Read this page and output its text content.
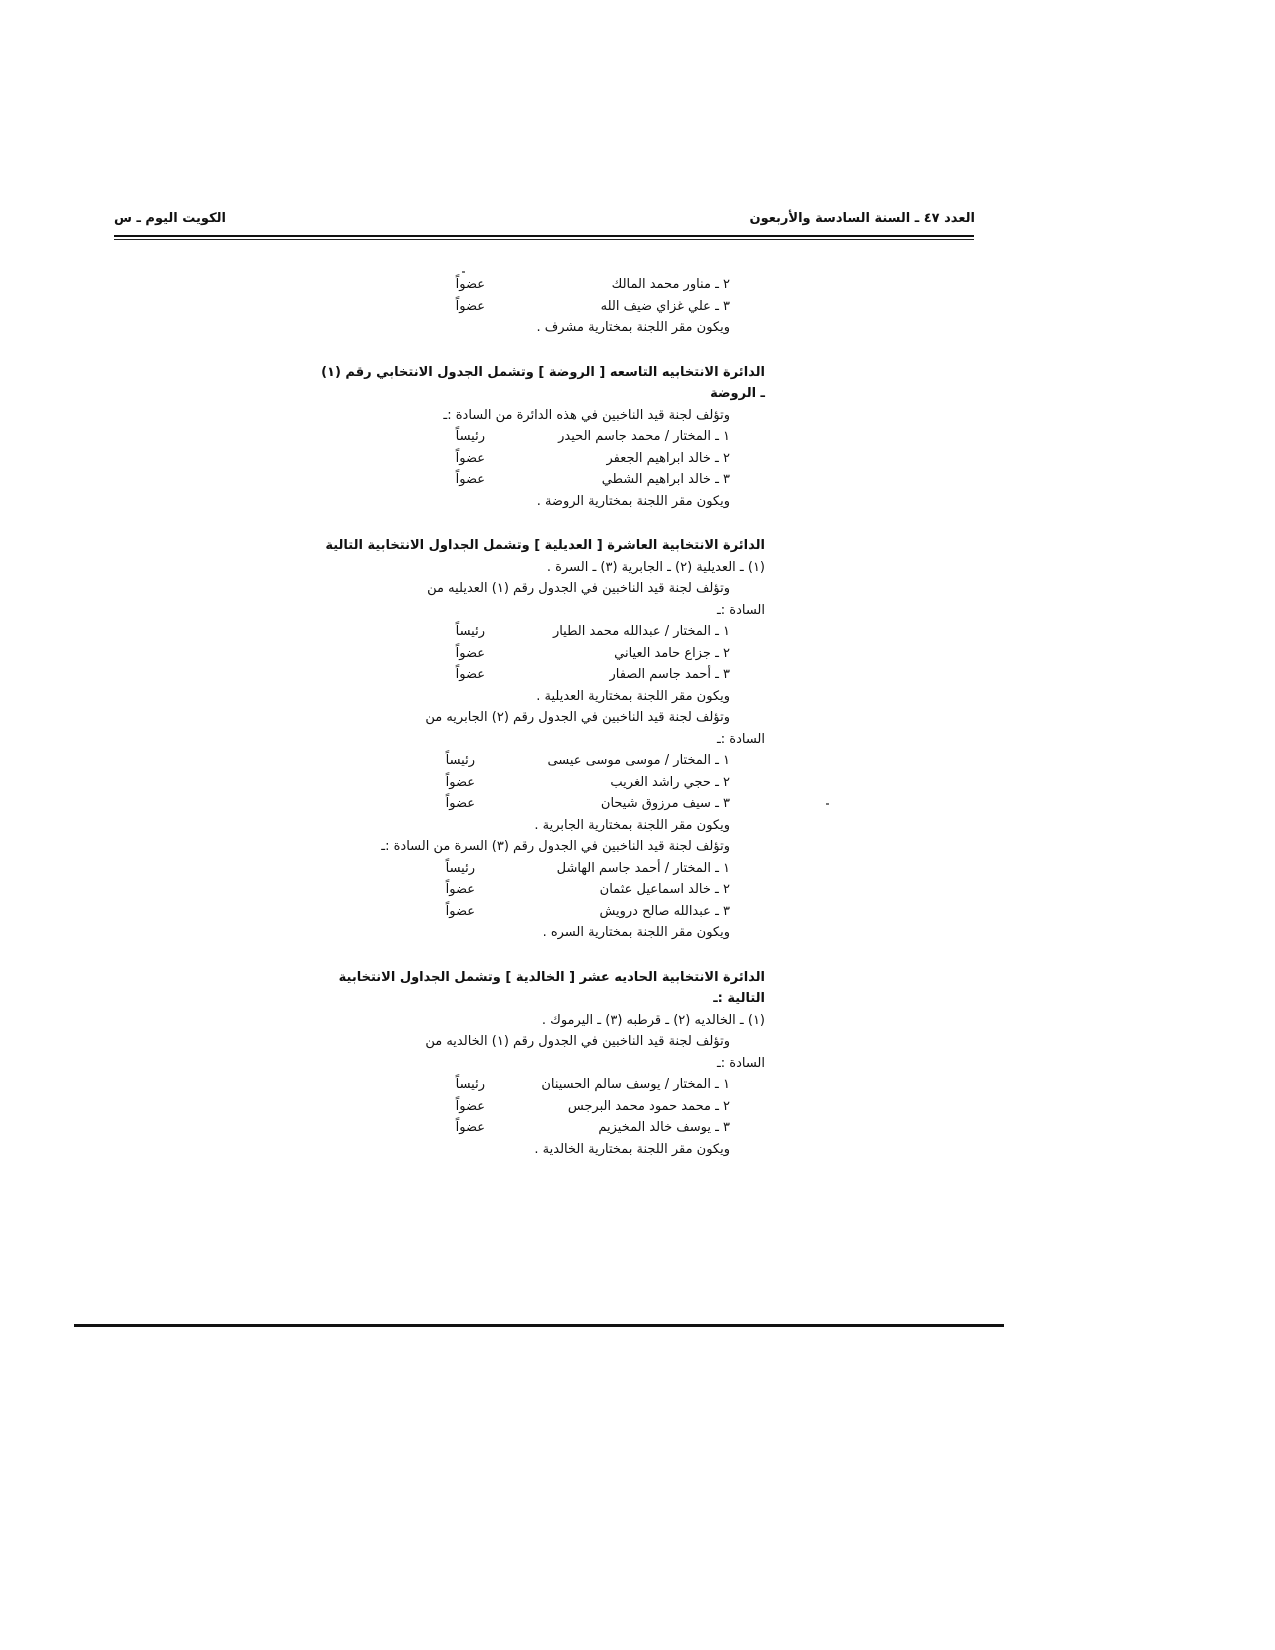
العدد ٤٧ ـ السنة السادسة والأربعون
الكويت اليوم ـ س
٢ ـ مناور محمد المالك
عضواً
٣ ـ علي غزاي ضيف الله
عضواً
ويكون مقر اللجنة بمختارية مشرف .
الدائرة الانتخابيه التاسعه [ الروضة ] وتشمل الجدول الانتخابي رقم (١)
ـ الروضة
وتؤلف لجنة قيد الناخبين في هذه الدائرة من السادة :ـ
١ ـ المختار / محمد جاسم الحيدر
رئيساً
٢ ـ خالد ابراهيم الجعفر
عضواً
٣ ـ خالد ابراهيم الشطي
عضواً
ويكون مقر اللجنة بمختارية الروضة .
الدائرة الانتخابية العاشرة [ العديلية ] وتشمل الجداول الانتخابية التالية
(١) ـ العديلية (٢) ـ الجابرية (٣) ـ السرة .
وتؤلف لجنة قيد الناخبين في الجدول رقم (١) العديليه من
السادة :ـ
١ ـ المختار / عبدالله محمد الطيار
رئيساً
٢ ـ جزاع حامد العياني
عضواً
٣ ـ أحمد جاسم الصفار
عضواً
ويكون مقر اللجنة بمختارية العديلية .
وتؤلف لجنة قيد الناخبين في الجدول رقم (٢) الجابريه من
السادة :ـ
١ ـ المختار / موسى موسى عيسى
رئيساً
٢ ـ حجي راشد الغريب
عضواً
٣ ـ سيف مرزوق شيحان
عضواً
ويكون مقر اللجنة بمختارية الجابرية .
وتؤلف لجنة قيد الناخبين في الجدول رقم (٣) السرة من السادة :ـ
١ ـ المختار / أحمد جاسم الهاشل
رئيساً
٢ ـ خالد اسماعيل عثمان
عضواً
٣ ـ عبدالله صالح درويش
عضواً
ويكون مقر اللجنة بمختارية السره .
الدائرة الانتخابية الحاديه عشر [ الخالدية ] وتشمل الجداول الانتخابية
التالية :ـ
(١) ـ الخالديه (٢) ـ قرطبه (٣) ـ اليرموك .
وتؤلف لجنة قيد الناخبين في الجدول رقم (١) الخالديه من
السادة :ـ
١ ـ المختار / يوسف سالم الحسينان
رئيساً
٢ ـ محمد حمود محمد البرجس
عضواً
٣ ـ يوسف خالد المخيزيم
عضواً
ويكون مقر اللجنة بمختارية الخالدية .
